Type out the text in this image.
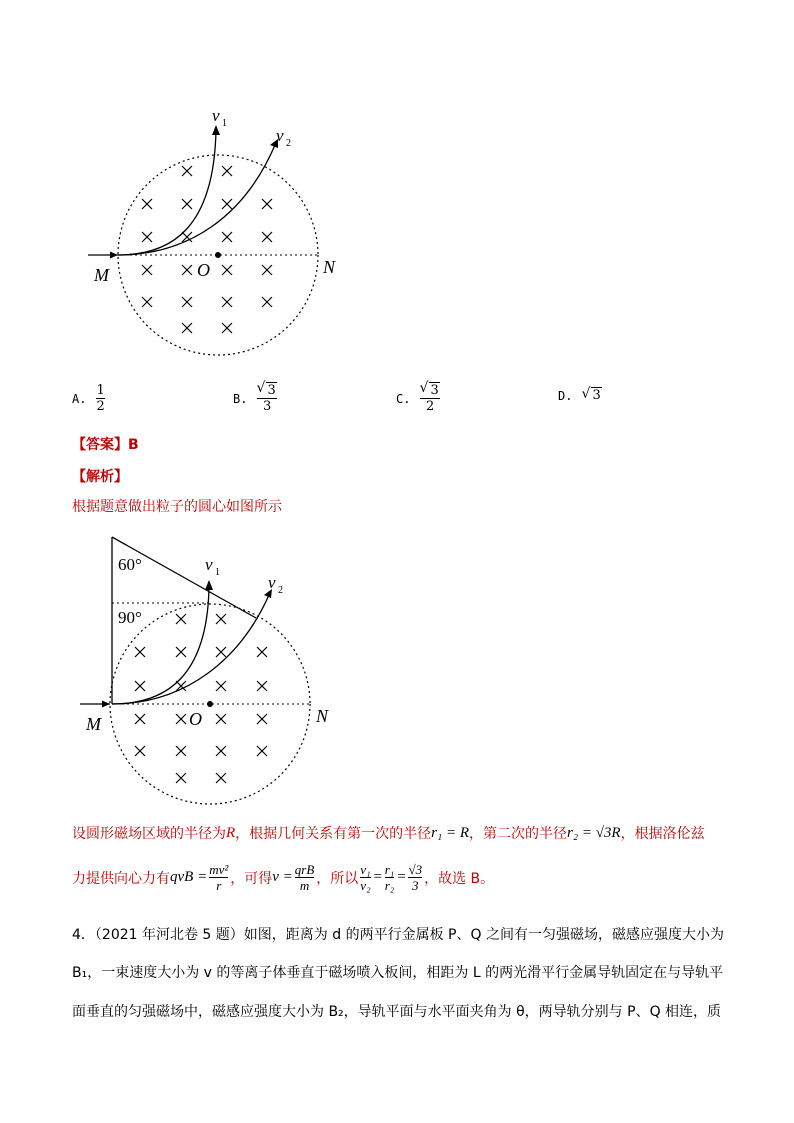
v 1
v 2
M	O	N
A. $\frac{1}{2}$	B. √ $\frac{3}{3}$	C. √ $\frac{3}{2}$	D.	√ 3
【答案】B
【解析】
根据题意做出粒子的圆心如图所示
60°
90°
v 1
v 2
M	O	N
设圆形磁场区域的半径为 R ，根据几何关系有第一次的半径 r₁ = R ，第二次的半径 r₂ = √3R ，根据洛伦兹
力提供向心力有 qvB = mv²
r ，可得 v = qrB
m ，所以
v₁
v₂
= r₁
r₂
= √3
3 ，故选 B。
4．（2021 年河北卷 5 题）如图，距离为 d 的两平行金属板 P、Q 之间有一匀强磁场，磁感应强度大小为
B₁，一束速度大小为 v 的等离子体垂直于磁场喷入板间，相距为 L 的两光滑平行金属导轨固定在与导轨平
面垂直的匀强磁场中，磁感应强度大小为 B₂，导轨平面与水平面夹角为 θ，两导轨分别与 P、Q 相连，质
